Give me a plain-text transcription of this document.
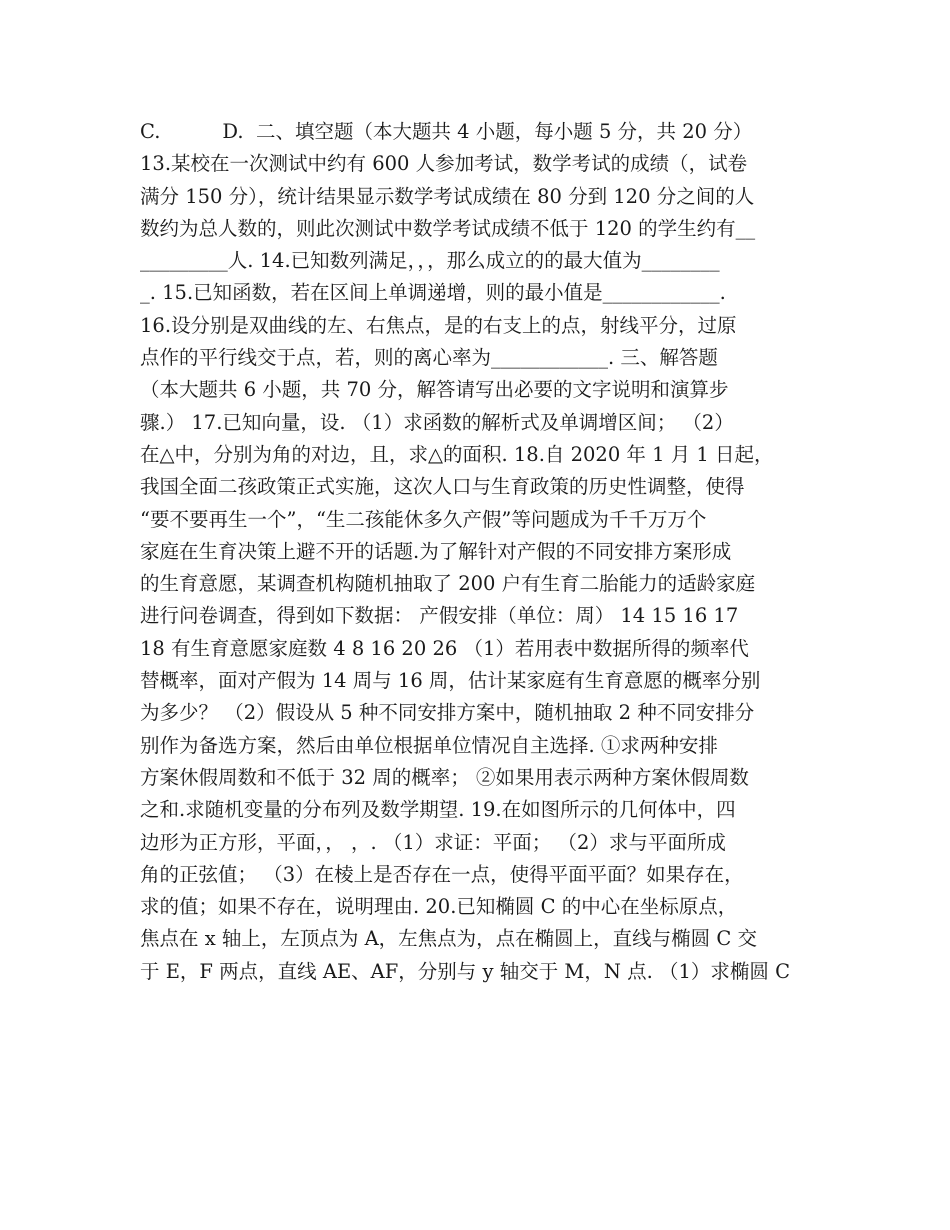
C.          D.  二、填空题（本大题共 4 小题，每小题 5 分，共 20 分）
13.某校在一次测试中约有 600 人参加考试，数学考试的成绩（，试卷
满分 150 分），统计结果显示数学考试成绩在 80 分到 120 分之间的人
数约为总人数的，则此次测试中数学考试成绩不低于 120 的学生约有__
_________人. 14.已知数列满足，，，那么成立的的最大值为________
_. 15.已知函数，若在区间上单调递增，则的最小值是____________.
16.设分别是双曲线的左、右焦点，是的右支上的点，射线平分，过原
点作的平行线交于点，若，则的离心率为____________. 三、解答题
（本大题共 6 小题，共 70 分，解答请写出必要的文字说明和演算步
骤.） 17.已知向量，设. （1）求函数的解析式及单调增区间； （2）
在△中，分别为角的对边，且，求△的面积. 18.自 2020 年 1 月 1 日起，
我国全面二孩政策正式实施，这次人口与生育政策的历史性调整，使得
“要不要再生一个”，“生二孩能休多久产假”等问题成为千千万万个
家庭在生育决策上避不开的话题.为了解针对产假的不同安排方案形成
的生育意愿，某调查机构随机抽取了 200 户有生育二胎能力的适龄家庭
进行问卷调查，得到如下数据： 产假安排（单位：周） 14 15 16 17
18 有生育意愿家庭数 4 8 16 20 26 （1）若用表中数据所得的频率代
替概率，面对产假为 14 周与 16 周，估计某家庭有生育意愿的概率分别
为多少？ （2）假设从 5 种不同安排方案中，随机抽取 2 种不同安排分
别作为备选方案，然后由单位根据单位情况自主选择. ①求两种安排
方案休假周数和不低于 32 周的概率； ②如果用表示两种方案休假周数
之和.求随机变量的分布列及数学期望. 19.在如图所示的几何体中，四
边形为正方形，平面，， ，. （1）求证：平面； （2）求与平面所成
角的正弦值； （3）在棱上是否存在一点，使得平面平面？如果存在，
求的值；如果不存在，说明理由. 20.已知椭圆 C 的中心在坐标原点，
焦点在 x 轴上，左顶点为 A，左焦点为，点在椭圆上，直线与椭圆 C 交
于 E，F 两点，直线 AE、AF，分别与 y 轴交于 M，N 点. （1）求椭圆 C
